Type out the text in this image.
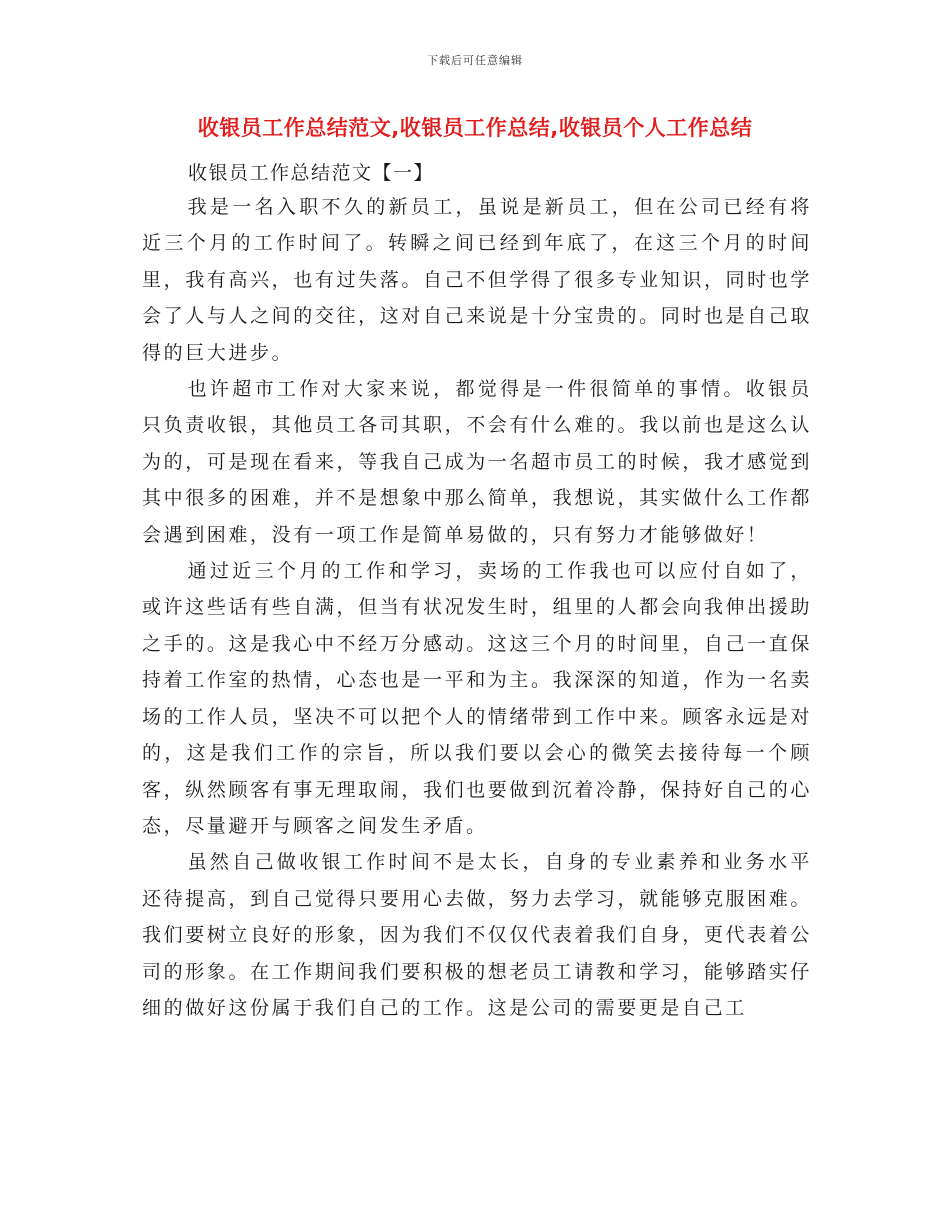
下载后可任意编辑
收银员工作总结范文,收银员工作总结,收银员个人工作总结

收银员工作总结范文【一】

我是一名入职不久的新员工，虽说是新员工，但在公司已经有将近三个月的工作时间了。转瞬之间已经到年底了，在这三个月的时间里，我有高兴，也有过失落。自己不但学得了很多专业知识，同时也学会了人与人之间的交往，这对自己来说是十分宝贵的。同时也是自己取得的巨大进步。

也许超市工作对大家来说，都觉得是一件很简单的事情。收银员只负责收银，其他员工各司其职，不会有什么难的。我以前也是这么认为的，可是现在看来，等我自己成为一名超市员工的时候，我才感觉到其中很多的困难，并不是想象中那么简单，我想说，其实做什么工作都会遇到困难，没有一项工作是简单易做的，只有努力才能够做好！

通过近三个月的工作和学习，卖场的工作我也可以应付自如了，或许这些话有些自满，但当有状况发生时，组里的人都会向我伸出援助之手的。这是我心中不经万分感动。这这三个月的时间里，自己一直保持着工作室的热情，心态也是一平和为主。我深深的知道，作为一名卖场的工作人员，坚决不可以把个人的情绪带到工作中来。顾客永远是对的，这是我们工作的宗旨，所以我们要以会心的微笑去接待每一个顾客，纵然顾客有事无理取闹，我们也要做到沉着冷静，保持好自己的心态，尽量避开与顾客之间发生矛盾。

虽然自己做收银工作时间不是太长，自身的专业素养和业务水平还待提高，到自己觉得只要用心去做，努力去学习，就能够克服困难。我们要树立良好的形象，因为我们不仅仅代表着我们自身，更代表着公司的形象。在工作期间我们要积极的想老员工请教和学习，能够踏实仔细的做好这份属于我们自己的工作。这是公司的需要更是自己工
